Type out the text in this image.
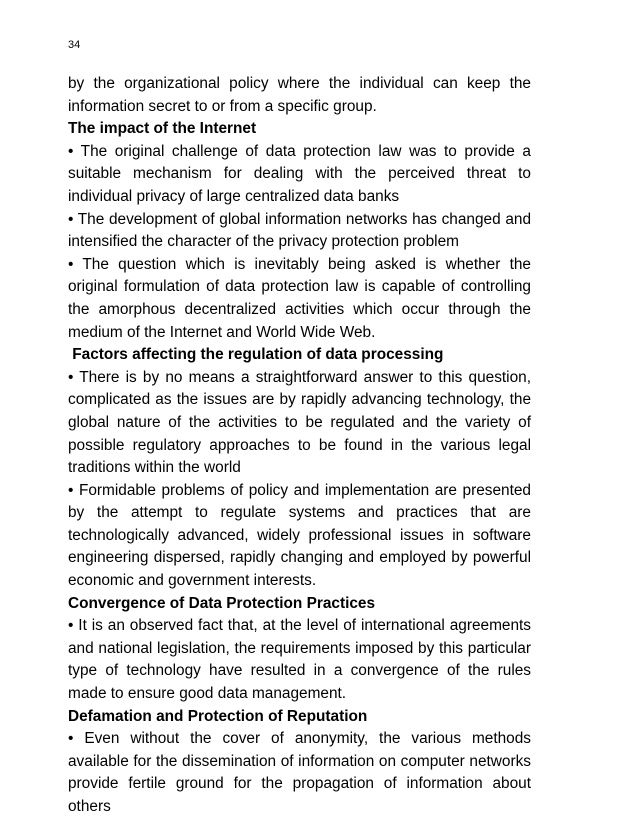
34

by the organizational policy where the individual can keep the information secret to or from a specific group.

The impact of the Internet

• The original challenge of data protection law was to provide a suitable mechanism for dealing with the perceived threat to individual privacy of large centralized data banks

• The development of global information networks has changed and intensified the character of the privacy protection problem

• The question which is inevitably being asked is whether the original formulation of data protection law is capable of controlling the amorphous decentralized activities which occur through the medium of the Internet and World Wide Web.

Factors affecting the regulation of data processing

• There is by no means a straightforward answer to this question, complicated as the issues are by rapidly advancing technology, the global nature of the activities to be regulated and the variety of possible regulatory approaches to be found in the various legal traditions within the world

• Formidable problems of policy and implementation are presented by the attempt to regulate systems and practices that are technologically advanced, widely professional issues in software engineering dispersed, rapidly changing and employed by powerful economic and government interests.

Convergence of Data Protection Practices

• It is an observed fact that, at the level of international agreements and national legislation, the requirements imposed by this particular type of technology have resulted in a convergence of the rules made to ensure good data management.

Defamation and Protection of Reputation

• Even without the cover of anonymity, the various methods available for the dissemination of information on computer networks provide fertile ground for the propagation of information about others
